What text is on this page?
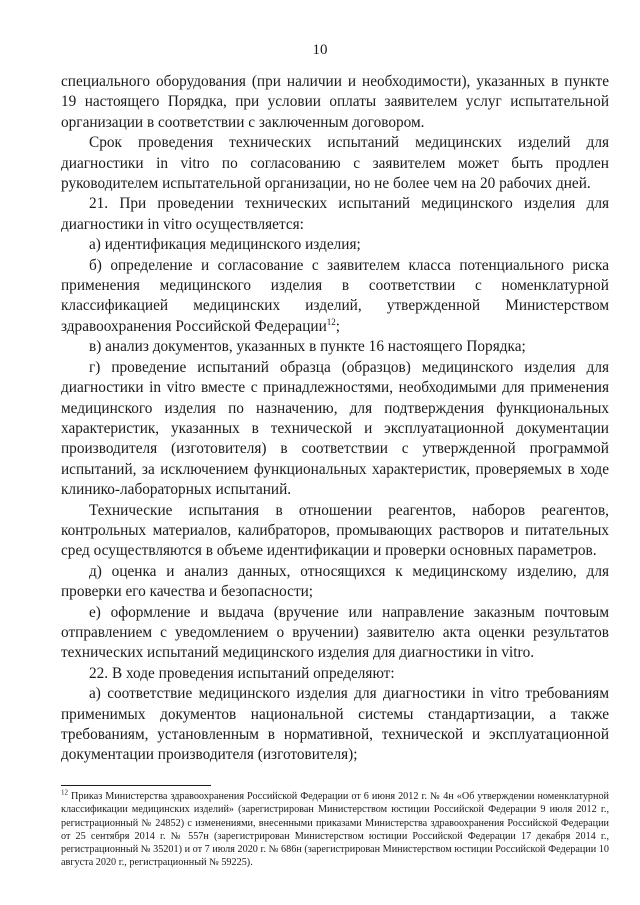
10

специального оборудования (при наличии и необходимости), указанных в пункте 19 настоящего Порядка, при условии оплаты заявителем услуг испытательной организации в соответствии с заключенным договором.

Срок проведения технических испытаний медицинских изделий для диагностики in vitro по согласованию с заявителем может быть продлен руководителем испытательной организации, но не более чем на 20 рабочих дней.

21. При проведении технических испытаний медицинского изделия для диагностики in vitro осуществляется:

а) идентификация медицинского изделия;

б) определение и согласование с заявителем класса потенциального риска применения медицинского изделия в соответствии с номенклатурной классификацией медицинских изделий, утвержденной Министерством здравоохранения Российской Федерации$^{12}$;

в) анализ документов, указанных в пункте 16 настоящего Порядка;

г) проведение испытаний образца (образцов) медицинского изделия для диагностики in vitro вместе с принадлежностями, необходимыми для применения медицинского изделия по назначению, для подтверждения функциональных характеристик, указанных в технической и эксплуатационной документации производителя (изготовителя) в соответствии с утвержденной программой испытаний, за исключением функциональных характеристик, проверяемых в ходе клинико-лабораторных испытаний.

Технические испытания в отношении реагентов, наборов реагентов, контрольных материалов, калибраторов, промывающих растворов и питательных сред осуществляются в объеме идентификации и проверки основных параметров.

д) оценка и анализ данных, относящихся к медицинскому изделию, для проверки его качества и безопасности;

е) оформление и выдача (вручение или направление заказным почтовым отправлением с уведомлением о вручении) заявителю акта оценки результатов технических испытаний медицинского изделия для диагностики in vitro.

22. В ходе проведения испытаний определяют:

а) соответствие медицинского изделия для диагностики in vitro требованиям применимых документов национальной системы стандартизации, а также требованиям, установленным в нормативной, технической и эксплуатационной документации производителя (изготовителя);

$^{12}$ Приказ Министерства здравоохранения Российской Федерации от 6 июня 2012 г. № 4н «Об утверждении номенклатурной классификации медицинских изделий» (зарегистрирован Министерством юстиции Российской Федерации 9 июля 2012 г., регистрационный № 24852) с изменениями, внесенными приказами Министерства здравоохранения Российской Федерации от 25 сентября 2014 г. № 557н (зарегистрирован Министерством юстиции Российской Федерации 17 декабря 2014 г., регистрационный № 35201) и от 7 июля 2020 г. № 686н (зарегистрирован Министерством юстиции Российской Федерации 10 августа 2020 г., регистрационный № 59225).
